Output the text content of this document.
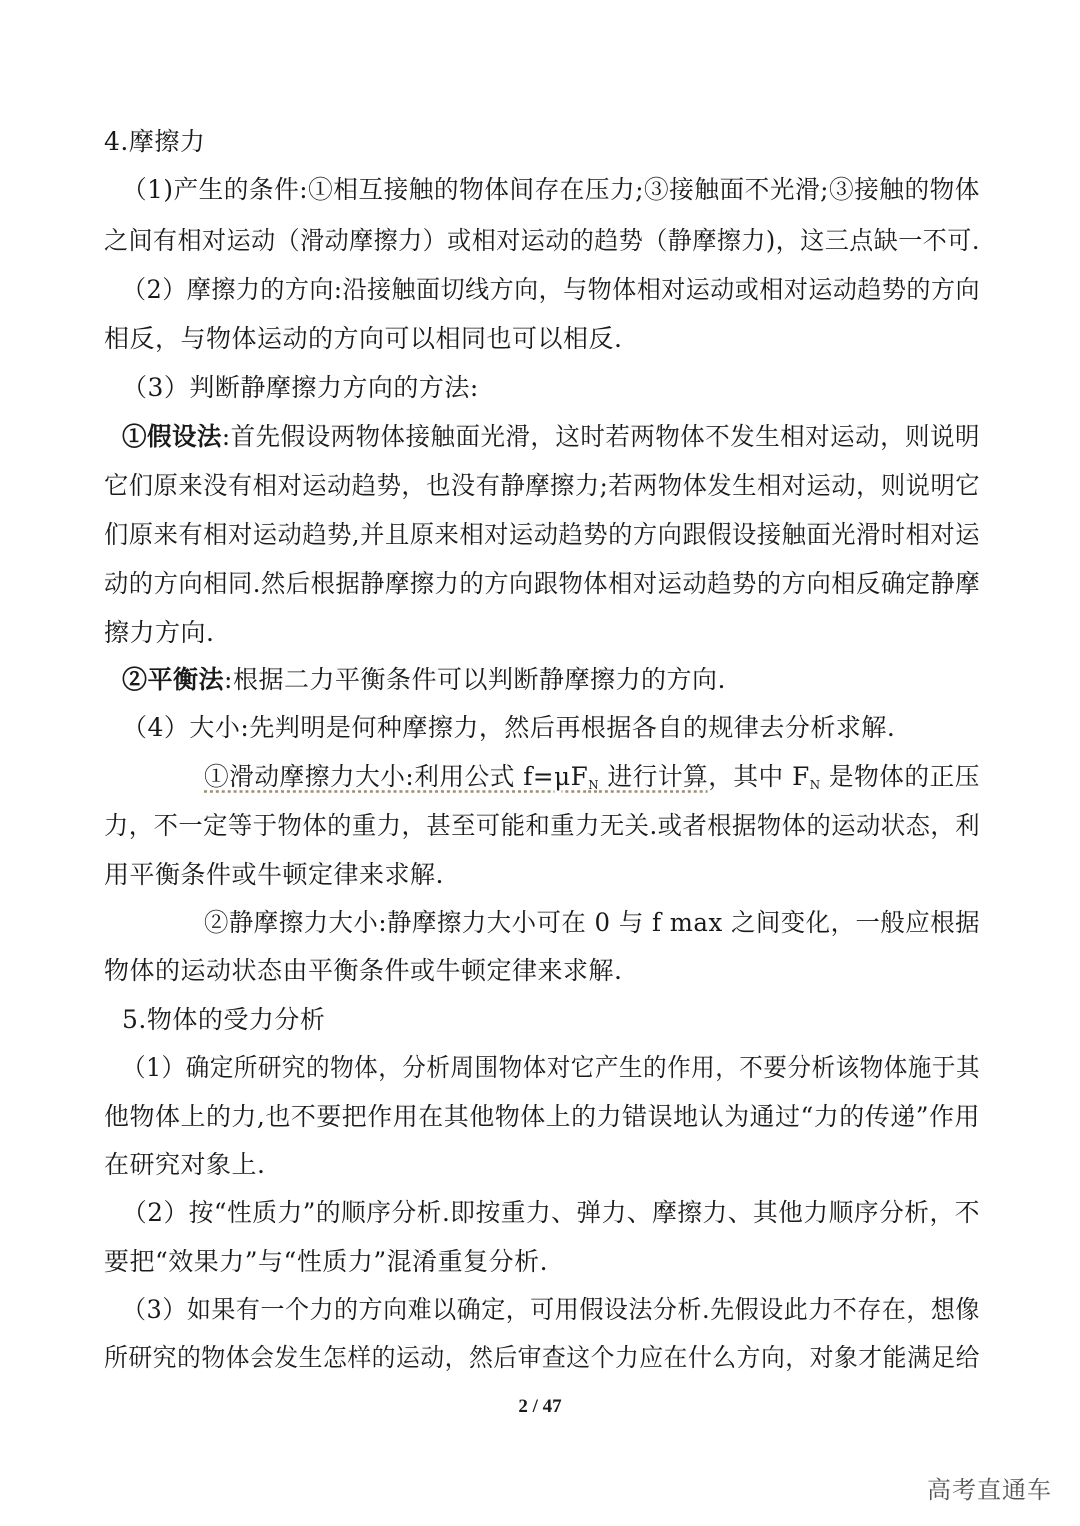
4.摩擦力
（1)产生的条件:①相互接触的物体间存在压力;③接触面不光滑;③接触的物体
之间有相对运动（滑动摩擦力）或相对运动的趋势（静摩擦力)，这三点缺一不可.
（2）摩擦力的方向:沿接触面切线方向，与物体相对运动或相对运动趋势的方向
相反，与物体运动的方向可以相同也可以相反.
（3）判断静摩擦力方向的方法:
①假设法:首先假设两物体接触面光滑，这时若两物体不发生相对运动，则说明
它们原来没有相对运动趋势，也没有静摩擦力;若两物体发生相对运动，则说明它
们原来有相对运动趋势,并且原来相对运动趋势的方向跟假设接触面光滑时相对运
动的方向相同.然后根据静摩擦力的方向跟物体相对运动趋势的方向相反确定静摩
擦力方向.
②平衡法:根据二力平衡条件可以判断静摩擦力的方向.
（4）大小:先判明是何种摩擦力，然后再根据各自的规律去分析求解.
①滑动摩擦力大小:利用公式 $f=\mu F_N$ 进行计算，其中 $F_N$ 是物体的正压
力，不一定等于物体的重力，甚至可能和重力无关.或者根据物体的运动状态，利
用平衡条件或牛顿定律来求解.
②静摩擦力大小:静摩擦力大小可在 0 与 f max 之间变化，一般应根据
物体的运动状态由平衡条件或牛顿定律来求解.
5.物体的受力分析
（1）确定所研究的物体，分析周围物体对它产生的作用，不要分析该物体施于其
他物体上的力,也不要把作用在其他物体上的力错误地认为通过“力的传递”作用
在研究对象上.
（2）按“性质力”的顺序分析.即按重力、弹力、摩擦力、其他力顺序分析，不
要把“效果力”与“性质力”混淆重复分析.
（3）如果有一个力的方向难以确定，可用假设法分析.先假设此力不存在，想像
所研究的物体会发生怎样的运动，然后审查这个力应在什么方向，对象才能满足给
2 / 47
高考直通车
